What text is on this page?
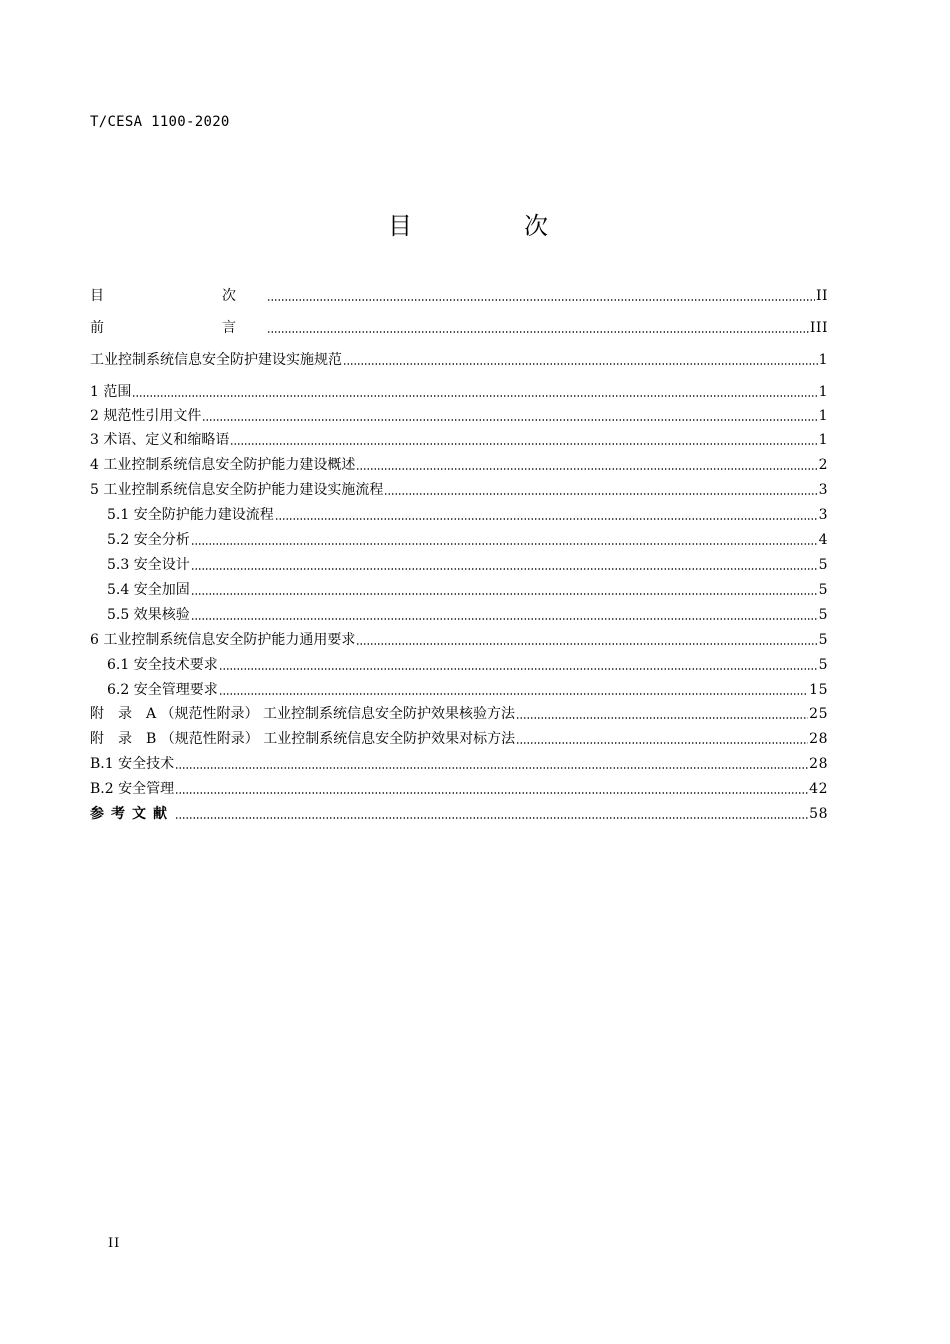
T/CESA 1100-2020
目　次
目　　次	II
前　　言	III
工业控制系统信息安全防护建设实施规范	1
1 范围	1
2 规范性引用文件	1
3 术语、定义和缩略语	1
4 工业控制系统信息安全防护能力建设概述	2
5 工业控制系统信息安全防护能力建设实施流程	3
5.1 安全防护能力建设流程	3
5.2 安全分析	4
5.3 安全设计	5
5.4 安全加固	5
5.5 效果核验	5
6 工业控制系统信息安全防护能力通用要求	5
6.1 安全技术要求	5
6.2 安全管理要求	15
附　录　A （规范性附录） 工业控制系统信息安全防护效果核验方法	25
附　录　B （规范性附录） 工业控制系统信息安全防护效果对标方法	28
B.1 安全技术	28
B.2 安全管理	42
参考文献	58
II
